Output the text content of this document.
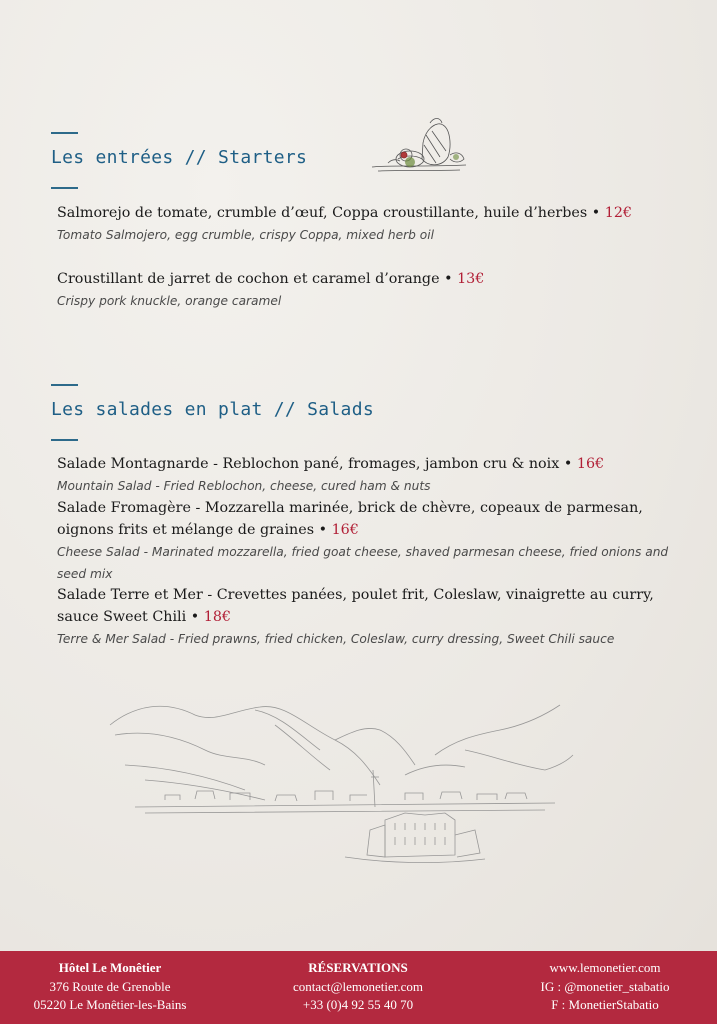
Les entrées // Starters
Salmorejo de tomate, crumble d’œuf, Coppa croustillante, huile d’herbes • 12€
Tomato Salmojero, egg crumble, crispy Coppa, mixed herb oil
Croustillant de jarret de cochon et caramel d’orange • 13€
Crispy pork knuckle, orange caramel
Les salades en plat // Salads
Salade Montagnarde - Reblochon pané, fromages, jambon cru & noix • 16€
Mountain Salad - Fried Reblochon, cheese, cured ham & nuts
Salade Fromagère - Mozzarella marinée, brick de chèvre, copeaux de parmesan, oignons frits et mélange de graines • 16€
Cheese Salad - Marinated mozzarella, fried goat cheese, shaved parmesan cheese, fried onions and seed mix
Salade Terre et Mer - Crevettes panées, poulet frit, Coleslaw, vinaigrette au curry, sauce Sweet Chili • 18€
Terre & Mer Salad - Fried prawns, fried chicken, Coleslaw, curry dressing, Sweet Chili sauce
Hôtel Le Monêtier
376 Route de Grenoble
05220 Le Monêtier-les-Bains
RÉSERVATIONS
contact@lemonetier.com
+33 (0)4 92 55 40 70
www.lemonetier.com
IG : @monetier_stabatio
F : MonetierStabatio
